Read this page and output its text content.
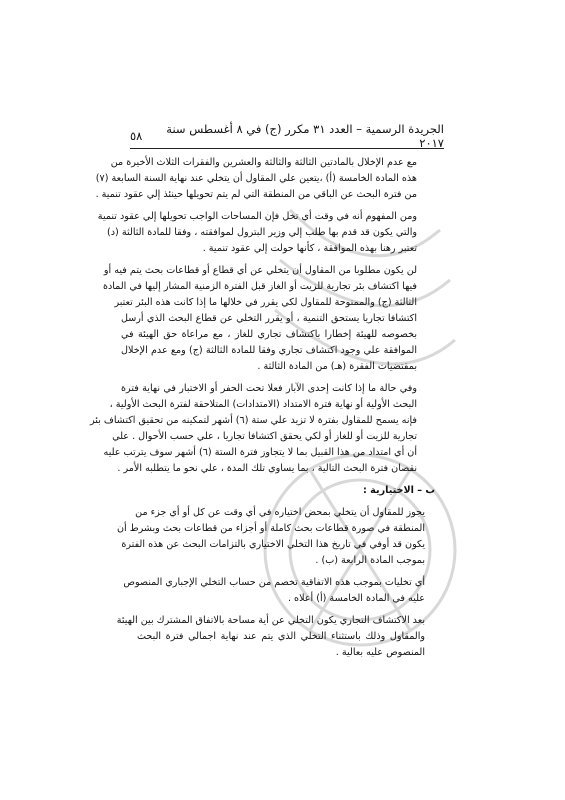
الجريدة الرسمية – العدد ٣١ مكرر (ج) في ٨ أغسطس سنة ٢٠١٧
٥٨
مع عدم الإخلال بالمادتين الثالثة والثالثة والعشرين والفقرات الثلاث الأخيرة من
هذه المادة الخامسة (أ) ،يتعين علي المقاول أن يتخلي عند نهاية السنة السابعة (٧)
من فترة البحث عن الباقي من المنطقة التي لم يتم تحويلها حينئذ إلي عقود تنمية .
ومن المفهوم أنه في وقت أي تخل فإن المساحات الواجب تحويلها إلي عقود تنمية
والتي يكون قد قدم بها طلب إلي وزير البترول لموافقته ، وفقا للمادة الثالثة (د)
تعتبر رهنا بهذه الموافقة ، كأنها حولت إلي عقود تنمية .
لن يكون مطلوبا من المقاول أن يتخلي عن أي قطاع أو قطاعات بحث يتم فيه أو
فيها اكتشاف بئر تجارية للزيت أو الغاز قبل الفترة الزمنية المشار إليها في المادة
الثالثة (ج) والممنوحة للمقاول لكي يقرر في خلالها ما إذا كانت هذه البئر تعتبر
اكتشافا تجاريا يستحق التنمية ، أو يقرر التخلي عن قطاع البحث الذي أرسل
بخصوصه للهيئة إخطارا باكتشاف تجاري للغاز ، مع مراعاة حق الهيئة في
الموافقة علي وجود اكتشاف تجاري وفقا للمادة الثالثة (ج) ومع عدم الإخلال
بمقتضيات الفقرة (هـ) من المادة الثالثة .
وفي حالة ما إذا كانت إحدى الآبار فعلا تحت الحفر أو الاختبار في نهاية فترة
البحث الأولية أو نهاية فترة الامتداد (الامتدادات) المتلاحقة لفترة البحث الأولية ،
فإنه يسمح للمقاول بفترة لا تزيد علي ستة (٦) أشهر لتمكينه من تحقيق اكتشاف بئر
تجارية للزيت أو للغاز أو لكي يحقق اكتشافا تجاريا ، علي حسب الأحوال . علي
أن أي امتداد من هذا القبيل بما لا يتجاوز فترة الستة (٦) أشهر سوف يترتب عليه
نقصان فترة البحث التالية ، بما يساوي تلك المدة ، علي نحو ما يتطلبه الأمر .
ب – الاختيارية :
يجوز للمقاول أن يتخلي بمحض اختياره في أي وقت عن كل أو أي جزء من
المنطقة في صورة قطاعات بحث كاملة أو أجزاء من قطاعات بحث وبشرط أن
يكون قد أوفي في تاريخ هذا التخلي الاختياري بالتزامات البحث عن هذه الفترة
بموجب المادة الرابعة (ب) .
أي تخليات بموجب هذه الاتفاقية تخصم من حساب التخلي الإجباري المنصوص
عليه في المادة الخامسة (أ) أعلاه .
بعد الاكتشاف التجاري يكون التخلي عن أية مساحة بالاتفاق المشترك بين الهيئة
والمقاول وذلك باستثناء التخلي الذي يتم عند نهاية اجمالي فترة البحث
المنصوص عليه بعالية .
